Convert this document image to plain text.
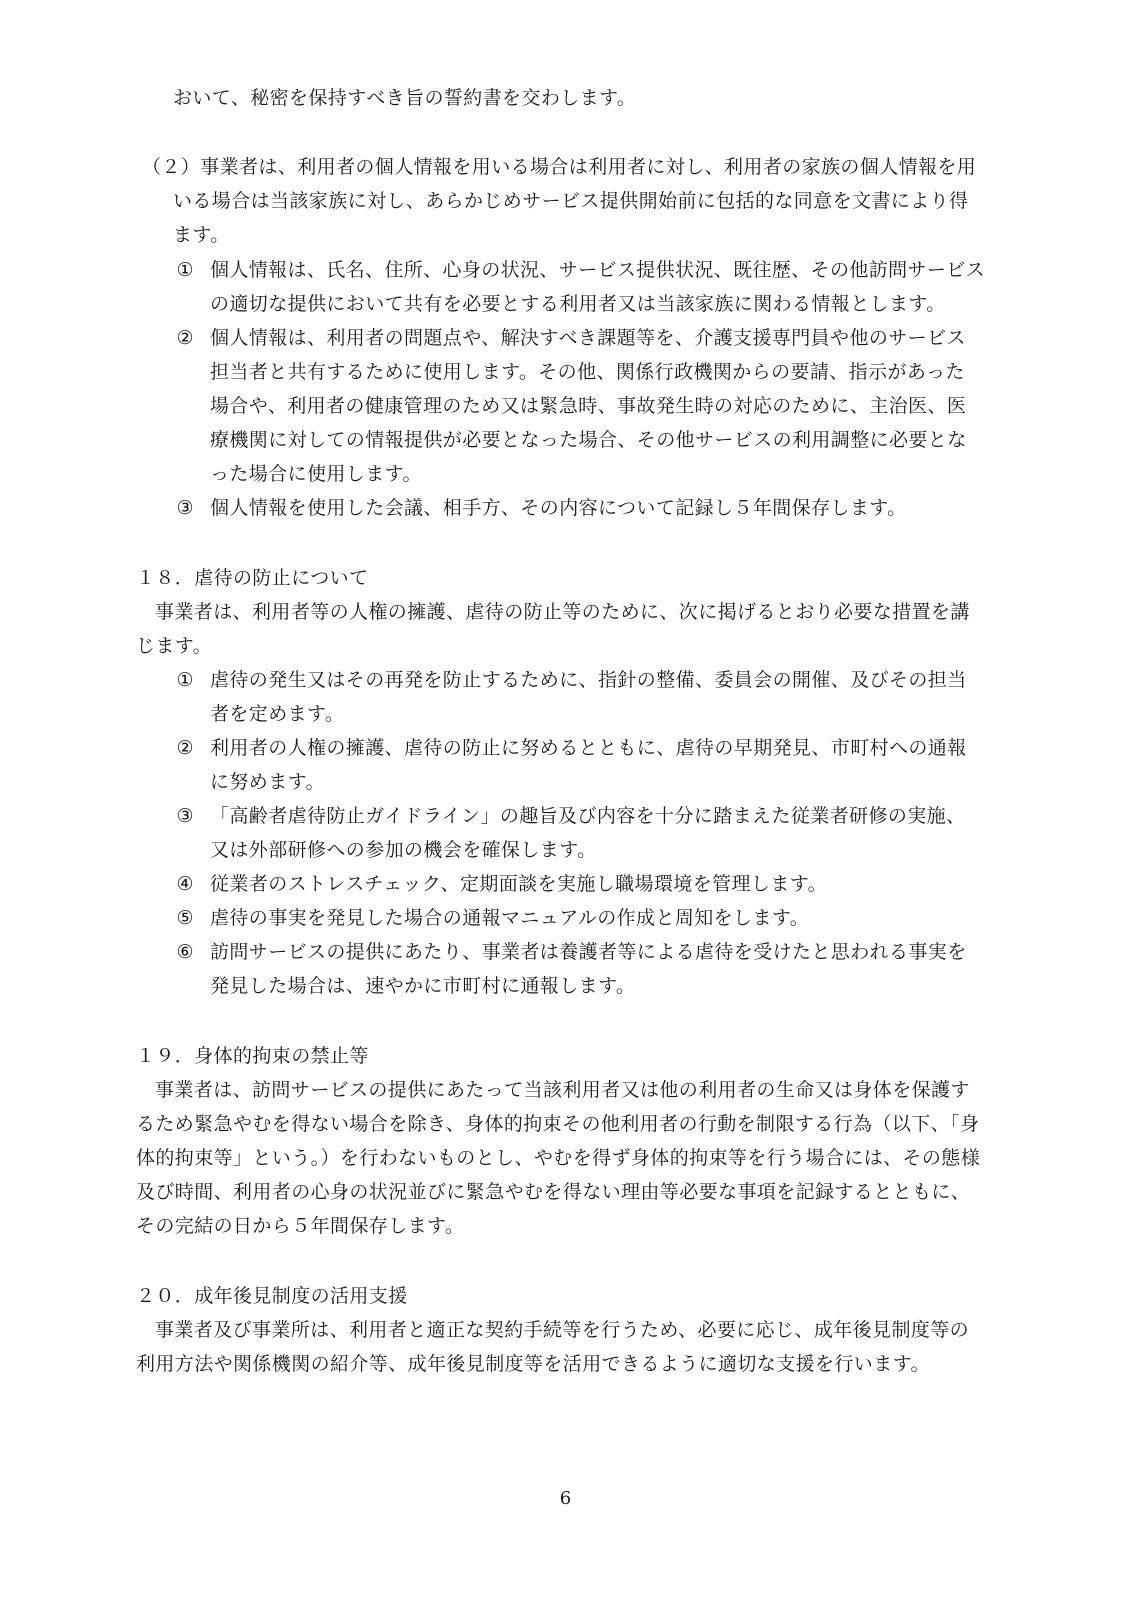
おいて、秘密を保持すべき旨の誓約書を交わします。
（２）事業者は、利用者の個人情報を用いる場合は利用者に対し、利用者の家族の個人情報を用
いる場合は当該家族に対し、あらかじめサービス提供開始前に包括的な同意を文書により得
ます。
① 個人情報は、氏名、住所、心身の状況、サービス提供状況、既往歴、その他訪問サービス
の適切な提供において共有を必要とする利用者又は当該家族に関わる情報とします。
② 個人情報は、利用者の問題点や、解決すべき課題等を、介護支援専門員や他のサービス
担当者と共有するために使用します。その他、関係行政機関からの要請、指示があった
場合や、利用者の健康管理のため又は緊急時、事故発生時の対応のために、主治医、医
療機関に対しての情報提供が必要となった場合、その他サービスの利用調整に必要とな
った場合に使用します。
③ 個人情報を使用した会議、相手方、その内容について記録し５年間保存します。
１８．虐待の防止について
事業者は、利用者等の人権の擁護、虐待の防止等のために、次に掲げるとおり必要な措置を講
じます。
① 虐待の発生又はその再発を防止するために、指針の整備、委員会の開催、及びその担当
者を定めます。
② 利用者の人権の擁護、虐待の防止に努めるとともに、虐待の早期発見、市町村への通報
に努めます。
③ 「高齢者虐待防止ガイドライン」の趣旨及び内容を十分に踏まえた従業者研修の実施、
又は外部研修への参加の機会を確保します。
④ 従業者のストレスチェック、定期面談を実施し職場環境を管理します。
⑤ 虐待の事実を発見した場合の通報マニュアルの作成と周知をします。
⑥ 訪問サービスの提供にあたり、事業者は養護者等による虐待を受けたと思われる事実を
発見した場合は、速やかに市町村に通報します。
１９．身体的拘束の禁止等
事業者は、訪問サービスの提供にあたって当該利用者又は他の利用者の生命又は身体を保護す
るため緊急やむを得ない場合を除き、身体的拘束その他利用者の行動を制限する行為（以下、「身
体的拘束等」という。）を行わないものとし、やむを得ず身体的拘束等を行う場合には、その態様
及び時間、利用者の心身の状況並びに緊急やむを得ない理由等必要な事項を記録するとともに、
その完結の日から５年間保存します。
２０．成年後見制度の活用支援
事業者及び事業所は、利用者と適正な契約手続等を行うため、必要に応じ、成年後見制度等の
利用方法や関係機関の紹介等、成年後見制度等を活用できるように適切な支援を行います。
6
